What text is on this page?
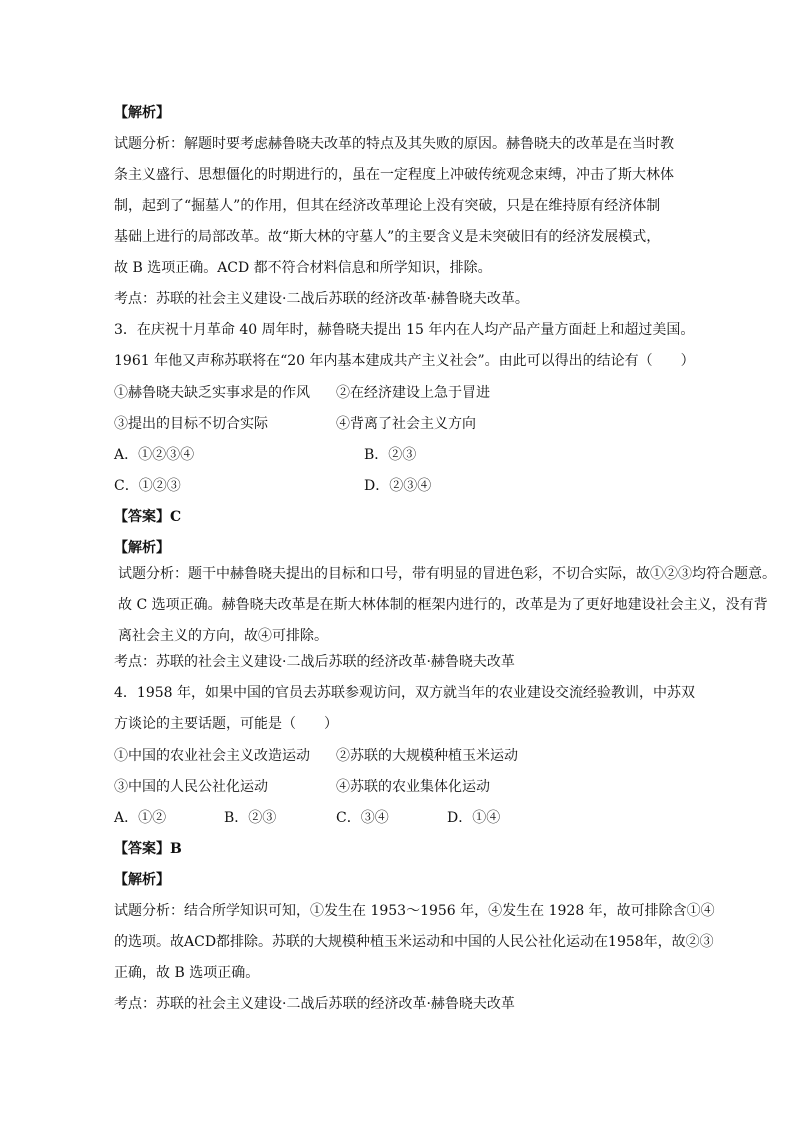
【解析】
试题分析：解题时要考虑赫鲁晓夫改革的特点及其失败的原因。赫鲁晓夫的改革是在当时教
条主义盛行、思想僵化的时期进行的，虽在一定程度上冲破传统观念束缚，冲击了斯大林体
制，起到了“掘墓人”的作用，但其在经济改革理论上没有突破，只是在维持原有经济体制
基础上进行的局部改革。故“斯大林的守墓人”的主要含义是未突破旧有的经济发展模式，
故 B 选项正确。ACD 都不符合材料信息和所学知识，排除。
考点：苏联的社会主义建设·二战后苏联的经济改革·赫鲁晓夫改革。
3．在庆祝十月革命 40 周年时，赫鲁晓夫提出 15 年内在人均产品产量方面赶上和超过美国。
1961 年他又声称苏联将在“20 年内基本建成共产主义社会”。由此可以得出的结论有（　　）
①赫鲁晓夫缺乏实事求是的作风 ②在经济建设上急于冒进
③提出的目标不切合实际	④背离了社会主义方向
A．①②③④	B．②③
C．①②③	D．②③④
【答案】C
【解析】
试题分析：题干中赫鲁晓夫提出的目标和口号，带有明显的冒进色彩，不切合实际，故①②③均符合题意。
故 C 选项正确。赫鲁晓夫改革是在斯大林体制的框架内进行的，改革是为了更好地建设社会主义，没有背
离社会主义的方向，故④可排除。
考点：苏联的社会主义建设·二战后苏联的经济改革·赫鲁晓夫改革
4．1958 年，如果中国的官员去苏联参观访问，双方就当年的农业建设交流经验教训，中苏双
方谈论的主要话题，可能是（　　）
①中国的农业社会主义改造运动 ②苏联的大规模种植玉米运动
③中国的人民公社化运动	④苏联的农业集体化运动
A．①②	B．②③	C．③④	D．①④
【答案】B
【解析】
试题分析：结合所学知识可知，①发生在 1953～1956 年，④发生在 1928 年，故可排除含①④
的选项。故ACD都排除。苏联的大规模种植玉米运动和中国的人民公社化运动在1958年，故②③
正确，故 B 选项正确。
考点：苏联的社会主义建设·二战后苏联的经济改革·赫鲁晓夫改革
